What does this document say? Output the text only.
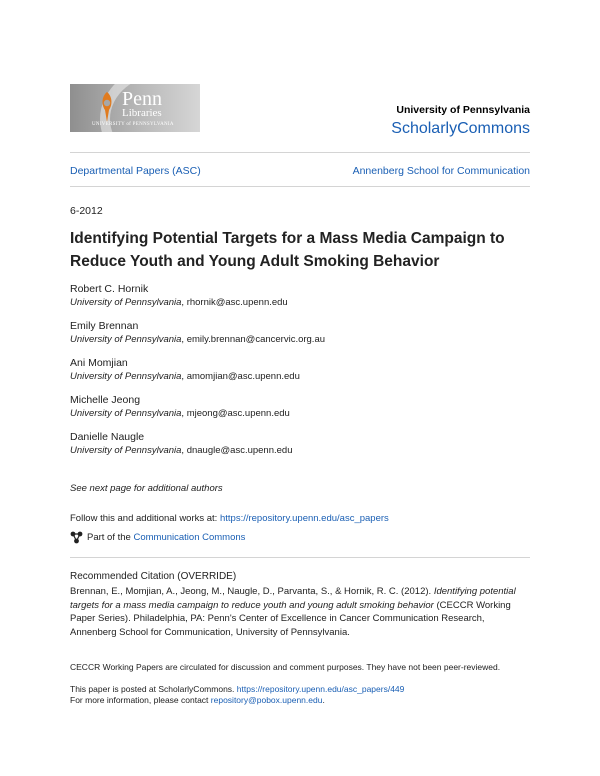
Penn
Libraries
UNIVERSITY of PENNSYLVANIA
University of Pennsylvania
ScholarlyCommons
Departmental Papers (ASC)	Annenberg School for Communication
6-2012
Identifying Potential Targets for a Mass Media Campaign to Reduce Youth and Young Adult Smoking Behavior
Robert C. Hornik
University of Pennsylvania, rhornik@asc.upenn.edu
Emily Brennan
University of Pennsylvania, emily.brennan@cancervic.org.au
Ani Momjian
University of Pennsylvania, amomjian@asc.upenn.edu
Michelle Jeong
University of Pennsylvania, mjeong@asc.upenn.edu
Danielle Naugle
University of Pennsylvania, dnaugle@asc.upenn.edu
See next page for additional authors
Follow this and additional works at: https://repository.upenn.edu/asc_papers
Part of the
Communication Commons
Recommended Citation (OVERRIDE)
Brennan, E., Momjian, A., Jeong, M., Naugle, D., Parvanta, S., & Hornik, R. C. (2012). Identifying potential targets for a mass media campaign to reduce youth and young adult smoking behavior (CECCR Working Paper Series). Philadelphia, PA: Penn's Center of Excellence in Cancer Communication Research, Annenberg School for Communication, University of Pennsylvania.
CECCR Working Papers are circulated for discussion and comment purposes. They have not been peer-reviewed.
This paper is posted at ScholarlyCommons. https://repository.upenn.edu/asc_papers/449
For more information, please contact repository@pobox.upenn.edu.
